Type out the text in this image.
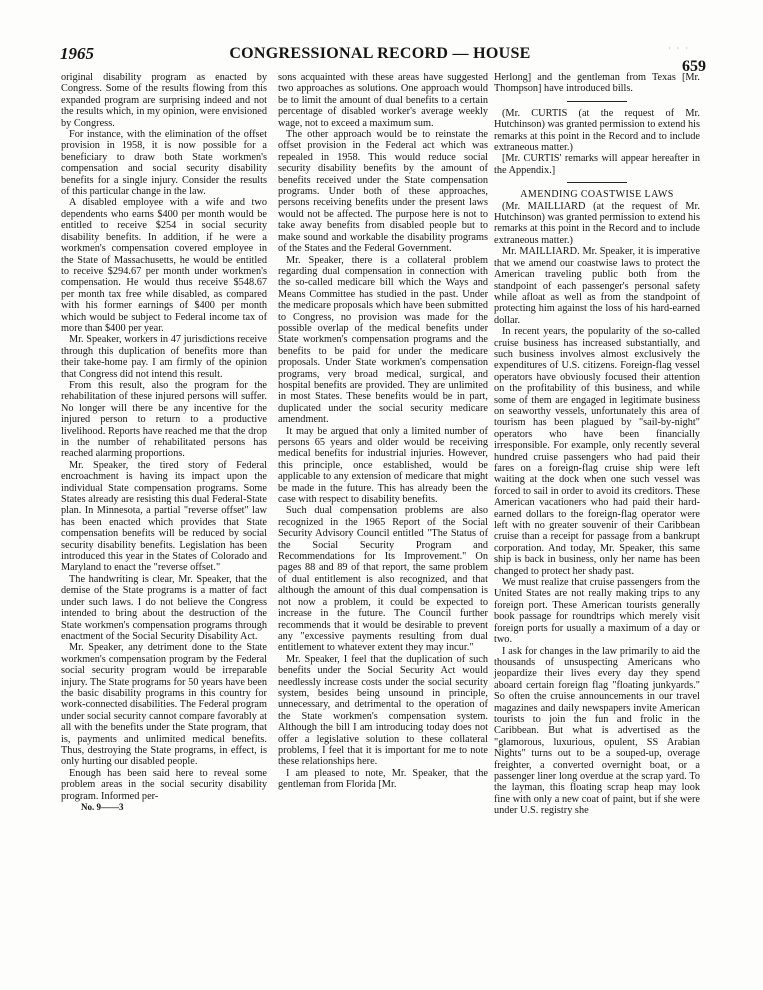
1965	CONGRESSIONAL RECORD — HOUSE
659
· · ·

original disability program as enacted by Congress. Some of the results flowing from this expanded program are surprising indeed and not the results which, in my opinion, were envisioned by Congress.

For instance, with the elimination of the offset provision in 1958, it is now possible for a beneficiary to draw both State workmen's compensation and social security disability benefits for a single injury. Consider the results of this particular change in the law.

A disabled employee with a wife and two dependents who earns $400 per month would be entitled to receive $254 in social security disability benefits. In addition, if he were a workmen's compensation covered employee in the State of Massachusetts, he would be entitled to receive $294.67 per month under workmen's compensation. He would thus receive $548.67 per month tax free while disabled, as compared with his former earnings of $400 per month which would be subject to Federal income tax of more than $400 per year.

Mr. Speaker, workers in 47 jurisdictions receive through this duplication of benefits more than their take-home pay. I am firmly of the opinion that Congress did not intend this result.

From this result, also the program for the rehabilitation of these injured persons will suffer. No longer will there be any incentive for the injured person to return to a productive livelihood. Reports have reached me that the drop in the number of rehabilitated persons has reached alarming proportions.

Mr. Speaker, the tired story of Federal encroachment is having its impact upon the individual State compensation programs. Some States already are resisting this dual Federal-State plan. In Minnesota, a partial "reverse offset" law has been enacted which provides that State compensation benefits will be reduced by social security disability benefits. Legislation has been introduced this year in the States of Colorado and Maryland to enact the "reverse offset."

The handwriting is clear, Mr. Speaker, that the demise of the State programs is a matter of fact under such laws. I do not believe the Congress intended to bring about the destruction of the State workmen's compensation programs through enactment of the Social Security Disability Act.

Mr. Speaker, any detriment done to the State workmen's compensation program by the Federal social security program would be irreparable injury. The State programs for 50 years have been the basic disability programs in this country for work-connected disabilities. The Federal program under social security cannot compare favorably at all with the benefits under the State program, that is, payments and unlimited medical benefits. Thus, destroying the State programs, in effect, is only hurting our disabled people.

Enough has been said here to reveal some problem areas in the social security disability program. Informed per-

No. 9——3

sons acquainted with these areas have suggested two approaches as solutions. One approach would be to limit the amount of dual benefits to a certain percentage of disabled worker's average weekly wage, not to exceed a maximum sum.

The other approach would be to reinstate the offset provision in the Federal act which was repealed in 1958. This would reduce social security disability benefits by the amount of benefits received under the State compensation programs. Under both of these approaches, persons receiving benefits under the present laws would not be affected. The purpose here is not to take away benefits from disabled people but to make sound and workable the disability programs of the States and the Federal Government.

Mr. Speaker, there is a collateral problem regarding dual compensation in connection with the so-called medicare bill which the Ways and Means Committee has studied in the past. Under the medicare proposals which have been submitted to Congress, no provision was made for the possible overlap of the medical benefits under State workmen's compensation programs and the benefits to be paid for under the medicare proposals. Under State workmen's compensation programs, very broad medical, surgical, and hospital benefits are provided. They are unlimited in most States. These benefits would be in part, duplicated under the social security medicare amendment.

It may be argued that only a limited number of persons 65 years and older would be receiving medical benefits for industrial injuries. However, this principle, once established, would be applicable to any extension of medicare that might be made in the future. This has already been the case with respect to disability benefits.

Such dual compensation problems are also recognized in the 1965 Report of the Social Security Advisory Council entitled "The Status of the Social Security Program and Recommendations for Its Improvement." On pages 88 and 89 of that report, the same problem of dual entitlement is also recognized, and that although the amount of this dual compensation is not now a problem, it could be expected to increase in the future. The Council further recommends that it would be desirable to prevent any "excessive payments resulting from dual entitlement to whatever extent they may incur."

Mr. Speaker, I feel that the duplication of such benefits under the Social Security Act would needlessly increase costs under the social security system, besides being unsound in principle, unnecessary, and detrimental to the operation of the State workmen's compensation system. Although the bill I am introducing today does not offer a legislative solution to these collateral problems, I feel that it is important for me to note these relationships here.

I am pleased to note, Mr. Speaker, that the gentleman from Florida [Mr.

Herlong] and the gentleman from Texas [Mr. Thompson] have introduced bills.

(Mr. CURTIS (at the request of Mr. Hutchinson) was granted permission to extend his remarks at this point in the Record and to include extraneous matter.)

[Mr. CURTIS' remarks will appear hereafter in the Appendix.]

AMENDING COASTWISE LAWS

(Mr. MAILLIARD (at the request of Mr. Hutchinson) was granted permission to extend his remarks at this point in the Record and to include extraneous matter.)

Mr. MAILLIARD. Mr. Speaker, it is imperative that we amend our coastwise laws to protect the American traveling public both from the standpoint of each passenger's personal safety while afloat as well as from the standpoint of protecting him against the loss of his hard-earned dollar.

In recent years, the popularity of the so-called cruise business has increased substantially, and such business involves almost exclusively the expenditures of U.S. citizens. Foreign-flag vessel operators have obviously focused their attention on the profitability of this business, and while some of them are engaged in legitimate business on seaworthy vessels, unfortunately this area of tourism has been plagued by "sail-by-night" operators who have been financially irresponsible. For example, only recently several hundred cruise passengers who had paid their fares on a foreign-flag cruise ship were left waiting at the dock when one such vessel was forced to sail in order to avoid its creditors. These American vacationers who had paid their hard-earned dollars to the foreign-flag operator were left with no greater souvenir of their Caribbean cruise than a receipt for passage from a bankrupt corporation. And today, Mr. Speaker, this same ship is back in business, only her name has been changed to protect her shady past.

We must realize that cruise passengers from the United States are not really making trips to any foreign port. These American tourists generally book passage for roundtrips which merely visit foreign ports for usually a maximum of a day or two.

I ask for changes in the law primarily to aid the thousands of unsuspecting Americans who jeopardize their lives every day they spend aboard certain foreign flag "floating junkyards." So often the cruise announcements in our travel magazines and daily newspapers invite American tourists to join the fun and frolic in the Caribbean. But what is advertised as the "glamorous, luxurious, opulent, SS Arabian Nights" turns out to be a souped-up, overage freighter, a converted overnight boat, or a passenger liner long overdue at the scrap yard. To the layman, this floating scrap heap may look fine with only a new coat of paint, but if she were under U.S. registry she
